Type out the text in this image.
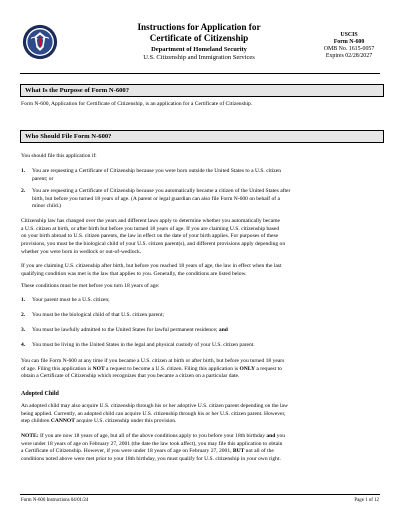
Instructions for Application for
Certificate of Citizenship
Department of Homeland Security
U.S. Citizenship and Immigration Services
USCIS
Form N-600
OMB No. 1615-0057
Expires 02/28/2027
What Is the Purpose of Form N-600?
Form N-600, Application for Certificate of Citizenship, is an application for a Certificate of Citizenship.
Who Should File Form N-600?
You should file this application if:
1. You are requesting a Certificate of Citizenship because you were born outside the United States to a U.S. citizen
parent; or
2. You are requesting a Certificate of Citizenship because you automatically became a citizen of the United States after
birth, but before you turned 18 years of age. (A parent or legal guardian can also file Form N-600 on behalf of a
minor child.)
Citizenship law has changed over the years and different laws apply to determine whether you automatically became
a U.S. citizen at birth, or after birth but before you turned 18 years of age. If you are claiming U.S. citizenship based
on your birth abroad to U.S. citizen parents, the law in effect on the date of your birth applies. For purposes of these
provisions, you must be the biological child of your U.S. citizen parent(s), and different provisions apply depending on
whether you were born in wedlock or out-of-wedlock.
If you are claiming U.S. citizenship after birth, but before you reached 18 years of age, the law in effect when the last
qualifying condition was met is the law that applies to you. Generally, the conditions are listed below.
These conditions must be met before you turn 18 years of age:
1. Your parent must be a U.S. citizen;
2. You must be the biological child of that U.S. citizen parent;
3. You must be lawfully admitted to the United States for lawful permanent residence; and
4. You must be living in the United States in the legal and physical custody of your U.S. citizen parent.
You can file Form N-600 at any time if you became a U.S. citizen at birth or after birth, but before you turned 18 years
of age. Filing this application is NOT a request to become a U.S. citizen. Filing this application is ONLY a request to
obtain a Certificate of Citizenship which recognizes that you became a citizen on a particular date.
Adopted Child
An adopted child may also acquire U.S. citizenship through his or her adoptive U.S. citizen parent depending on the law
being applied. Currently, an adopted child can acquire U.S. citizenship through his or her U.S. citizen parent. However,
step children CANNOT acquire U.S. citizenship under this provision.
NOTE: If you are now 18 years of age, but all of the above conditions apply to you before your 18th birthday and you
were under 18 years of age on February 27, 2001 (the date the law took affect), you may file this application to obtain
a Certificate of Citizenship. However, if you were under 18 years of age on February 27, 2001, BUT not all of the
conditions noted above were met prior to your 18th birthday, you must qualify for U.S. citizenship in your own right.
Form N-600 Instructions 04/01/24	Page 1 of 12
